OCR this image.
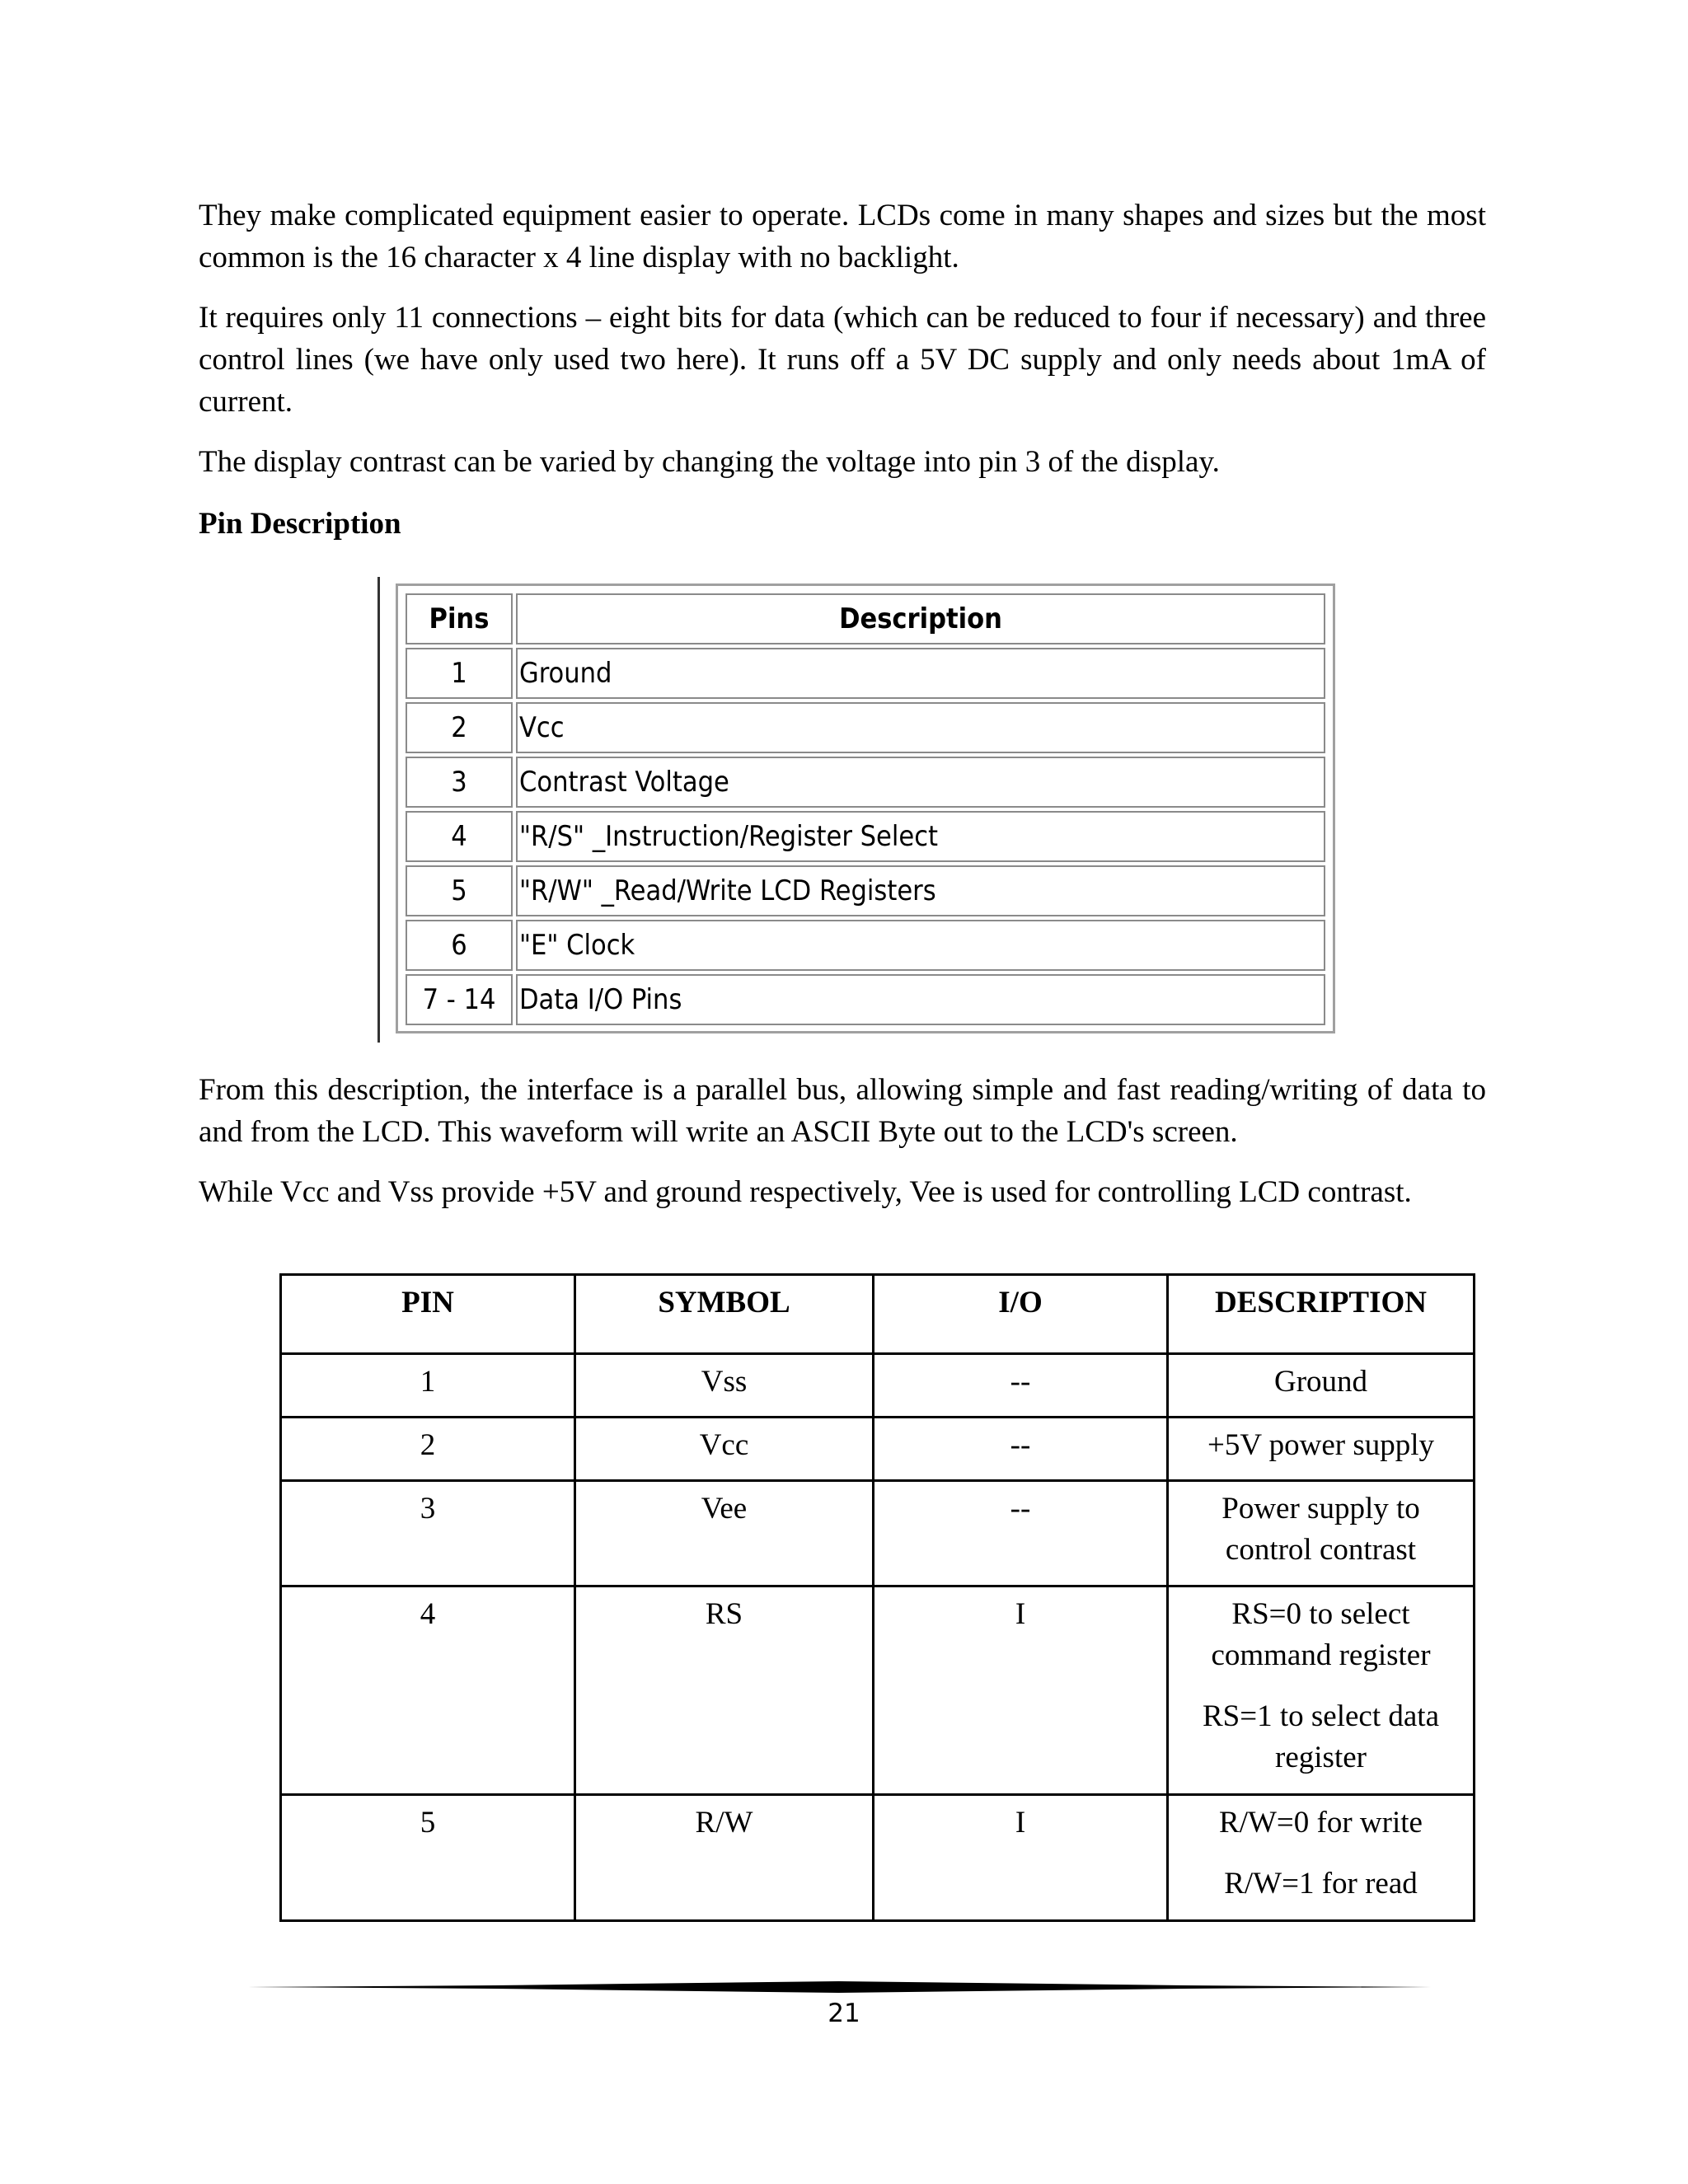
They make complicated equipment easier to operate. LCDs come in many shapes and sizes but the most common is the 16 character x 4 line display with no backlight.

It requires only 11 connections – eight bits for data (which can be reduced to four if necessary) and three control lines (we have only used two here). It runs off a 5V DC supply and only needs about 1mA of current.

The display contrast can be varied by changing the voltage into pin 3 of the display.

Pin Description

Pins	Description
1	Ground
2	Vcc
3	Contrast Voltage
4	"R/S" _Instruction/Register Select
5	"R/W" _Read/Write LCD Registers
6	"E" Clock
7 - 14	Data I/O Pins

From this description, the interface is a parallel bus, allowing simple and fast reading/writing of data to and from the LCD. This waveform will write an ASCII Byte out to the LCD's screen.

While Vcc and Vss provide +5V and ground respectively, Vee is used for controlling LCD contrast.

PIN	SYMBOL	I/O	DESCRIPTION
1	Vss	--	Ground

2	Vcc	--	+5V power supply

3	Vee	--	Power supply to control contrast

4	RS	I	RS=0 to select command register

RS=1 to select data register

5	R/W	I	R/W=0 for write

R/W=1 for read

21
